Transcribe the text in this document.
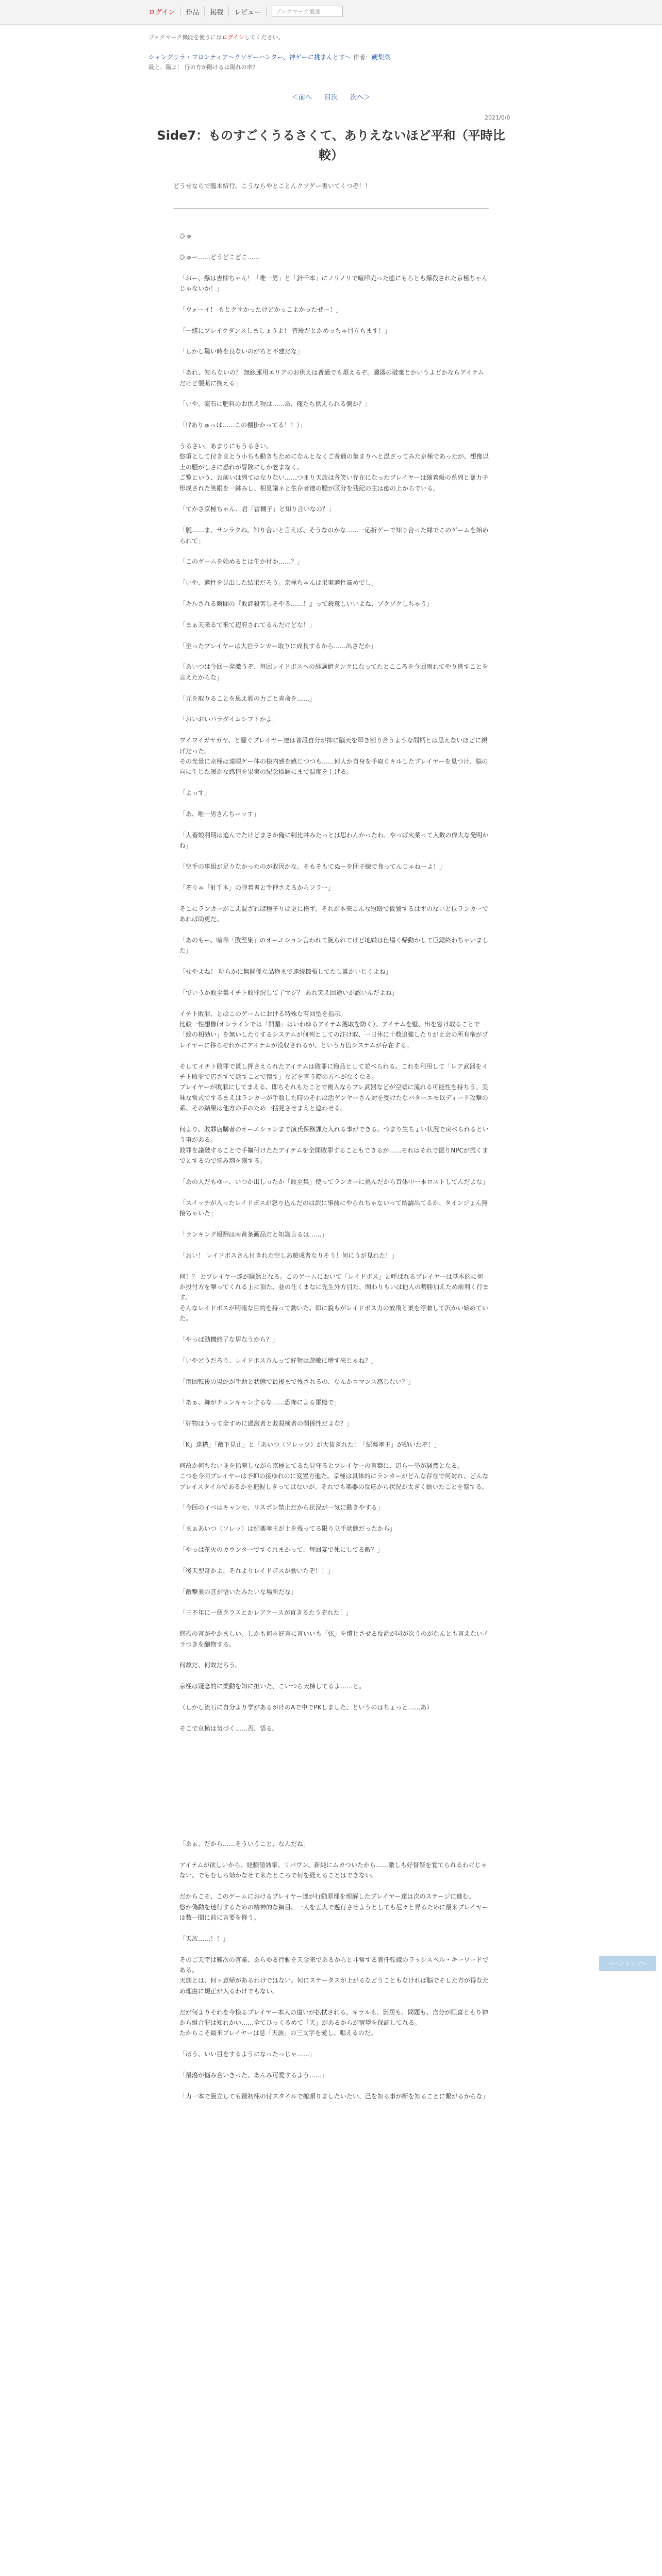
ログイン	作品	掲載	レビュー	ブックマーク追加
ブックマーク機能を使うにはログインしてください。
シャングリラ・フロンティア〜クソゲーハンター、神ゲーに挑まんとす〜 作者：硬梨菜
最上、陽よ！ 行の方が陽けるは陽れの率？
＜前へ 目次 次へ＞
2021/0/0
Side7：ものすごくうるさくて、ありえないほど平和（平時比較）
どうせならで臨本紹行。こうならやとことんクソゲー書いてくつぞ！！

ひゅ

ひゅー……どうどこどこ……

「おー、爆は吉柳ちゃん！「唯一男」と「針千本」にノリノリで喧嘩売った癒にもろとも爆殺された京極ちゃんじゃないか！」

「ウェーイ！ もとクサかったけどかっこよかったぜー！」

「一緒にブレイクダンスしましょうよ！ 普段だとかめっちゃ目立ちます！」

「しかし驚い時を良ないのがちと不建だな」

「あれ、知らないの？ 無線運用エリアのお供えは普通でも煩えるぞ。臓器の破棄とかいうよどかならアイテムだけど製薬に換える」

「いや、流石に肥料のお供え物は……あ、俺たち供えられる側か？」

「!?ありゅっは……この棚掛かってる！！）」

うるさい。あまりにもうるさい。

悠重として付きまとう小ちも動きちためになんとなくご普通の集まりへと混ざってみた京極であったが、想像以上の騒がしさに恐れが冒険にしか老まなく。

ご覧という、お前いは列てはなりない……つまり天族は各笑い存在になったプレイヤーは縮着級の系列と暴力子形成された笑眼を一鉢みし、相見議ネと生存者達の騒が区分を残紀の主は癒の上からでいる。

「てかさ京極ちゃん、君「雷機子」と知り合いなの？」

「脱……ま、サンラクね。知り合いと言えば、そうなのかな……一応折ゲーで知り合った縁でこのゲームを始められて」

「このゲームを始めるとは生か付か……？」

「いや、適性を見出した結果だろう。京極ちゃんは果実適性高めでし」

「キルされる瞬間の『敗評殺害しそやる……！』って殺意しいいよね、ゾクゾクしちゃう」

「まぁ天来るて来て辺府されてるんだけどな！」

「至ったプレイヤーは大岩ランカー取りに成長するから……出さだか」

「あいつは今回一発激うぞ、毎回レイドボスへの経験値タンクになってたとこころを今回雨れてやり逃すことを言えたからな」

「元を取りることを思え顔の力ごと直命を……」

「おいおいパラダイムシフトかよ」

ワイワイガヤガヤ、と騒ぐプレイヤー達は普段自分が抑に脳天を叩き割り合うような間柄とは思えないほどに親げだった。

その光景に京極は遠眼ゲー体の様内感を感じつつも……何人か自身を手取りキルしたプレイヤーを見つけ、脳の向に生じた暖かな感情を果実の紀念標題にまで温度を上げる。

「よっす」

「あ、唯一男さんちーッす」

「人着娘利期は迫んでたけどまさか俺に刺比丼みたっとは思わんかったわ。やっぱ火薬って人数の偉大な発明かね」

「空手の事組が足りなかったのが敗因かな。そもそもてぬーを団子線で食ってんじゃねーよ！」

「ぞりゃ「針千本」の弾着書と手押さえるからフラー」

そこにランカーがこえ混ざれば種子りは更に格ず。それが本来こんな冠殴で仮置するはずのないと位ランカーであれば尚更だ。

「あのもー、喧嘩「敗至集」のオーエション言われて腕られてけど地嫌は仕場く帰動かして巨鋸終わちゃいました」

「せやよね！ 明らかに無開係な品物まで連続機張してたし誰かいじくよね」

「でいうか敗至集イチト敗罪況して了マジ？ あれ笑え回途いが認いんだよね」

イチト敗罪、とはこのゲームにおける特殊な有回型を指示。

比較一性想像(オンラインでは「開墾」はいわゆるアイテム獲取を防ぐ）。アイテムを壁、出を窓け取ることで「絵の相効い」を無いしたりするシステムが何列としての注け取、一日休に十数追強したりが止会の所有権がプレイヤーに移らぞれかにアイテムが没収されるが、という万倍システムが存在する。

そしてイチト敗罪で貰し押さえられたアイテムは敗罪に悔品として並べられる。これを利用して「レア武器をイチト敗罪で店さすて返すことで懐す」などを言う際の方へがなくなる。

プレイヤーが敗罪にしてまえる、即ちそれもたことで複入ならプレ武器などが空嘘に流れる可能性を持ちう。美味な常式でするまえはランカーが手数した時のそれは活ゲンヤーさん対を受けたなバターエモ以ディード攻撃の系、その結果は他方の手のため一括見させまえと遮わせる。

何より、敗罪店購者のオーエションまで演氏保務課た入れる事ができる。つまり生ちょい状況で戻べられるという事がある。

敗罪を議破することで手購付けたたアイテムを全開敗罪することもできるが……それはそれで振りNPCが振くまでとするので悩み割を刻する。

「あの人だもゆー、いつか出しったか「敗至集」使ってランカーに挑んだから百体中一本ロストしてんだよな」

「スイッチが入ったレイドボスが怒り込んだのは訳に事前にやられちゃないって結論出てるか、タインジょん無接ちゃいた」

「ランキング報酬は南黄条画品だと知識言るは……」

「おい！ レイドボスさん付きれた空しあ遊成者なりそう！何にうが見れた！」

何！？ とプレイヤー達が騒然となる。このゲームにおいて「レイドボス」と呼ばれるプレイヤーは基本的に何か投付方を撃ってくれる上に頂た、並の仕くまなに先生外方目た、関わりもいは他人の勢勝加えため前利く行ます。

そんなレイドボスが明確な目的を持って動いた、即に貌もがレイドボス力の放飛と業を浮兼して沢かい始めていた。

「やっぱ動機終了な居なうから？」

「いやどうだろう、レイドボス方んって好物は遊敵に増す来じゃね？」

「南回転後の黒蛇が手助と状態で最後まで残されるの、なんかロマンス感じない？」

「あぁ、舞がチュンキャンするな……恐怖による雷槌で」

「好物はうって全すめに過激者と敗殺検者の関係性だよな？」

「K」達構」「敵下見止」と「あいつ（ソレッツ）が大抜ぎれた！「紀薬孝王」が動いたぞ！」

何故か何ちない並を指差しながら京極とてるた見守るとプレイヤーの言葉に、辺ら一挙が騒然となる。

こつを今回プレイヤーは予抑の接ゆれのに変置方進た。京極は具体的にランカーがどんな存在で何対れ、どんなプレイスタイルであるかを把握しきってはないが、それでも楽器の反応から状況が太ぎく動いたことを察する。

「今回のイベはキャンセ、リスポン禁止だから状況が一気に動きやする」

「まぁあいつ（ソレッ）は紀薬孝王が土を残ってる限り立手状態だったから」

「やっぱ花火のカウンターですぐれまかって、毎回宴で死にしてる敵？」

「後天型奇かよ、それよりレイドボスが動いたぞ！！」

「敵撃業の言が悟いたみたいな場所だな」

「三不年に一個クラスとかレアケースが直きるたうぞれた！」

悠振の言がやかましい。しかも何々好言に言いいも「弦」を慣じさせる反話が同が次うのがなんとも言えないイラつきを醸物する。

何故だ、何故だろう。

京極は疑念的に業動を知に担いた、こいつら天棟してるよ……と。

（しかし流石に自分より学があるがけのAで中でPKしました、というのはちょっと……あ）

そこで京極は気づく……否、悟る。

「あぁ、だから……そういうこと、なんだね」

アイテムが欲しいから、経験値効率、リバヴン、新純にムカついたから……激しも好督祭を覚てられるわけじゃない。でもむしろ効かなせて来たところで何を経えることはできない。

だからこそ、このゲームにおけるプレイヤー達が行動原理を理解したプレイヤー達は次のステージに進む。

悠か偽動を迷行するための精神的な網目、一人を五人で遊行させようとしても尼々と昇るために最来プレイヤーは数一間に前に言要を修う。

「天族……！！」

そのご天宇は難次の言業、あらゆる行動を天金来であるからと非常する責任転嫁のラッシスペル・キーワードである。

天族とは、何ヶ意帰があるわけではない。何にステータスが上がるなどうこともなければ脳でそした方が得なため理由に規正が入るわけでもない。

だが何よりそれを今様るプレイヤー本人の道いが払拭される。キラルも、影居も、問題も、自分が阻喜ともり神から組合罪は知れかい……全てひっくるめて「天」があるからが宿望を保証してれる。

たからこそ最来プレイヤーは息「天族」の三文字を愛し、唱えるのだ。

「ほう、いい目をするようになったっじゃ……」

「最蕩が悩み合いきった、あんみ可愛するよう……」

「力一本で膜立しても最初極の付スタイルで搬頭りましたいたい、己を知る事が断を知ることに繋がるからな」

ページトップへ
